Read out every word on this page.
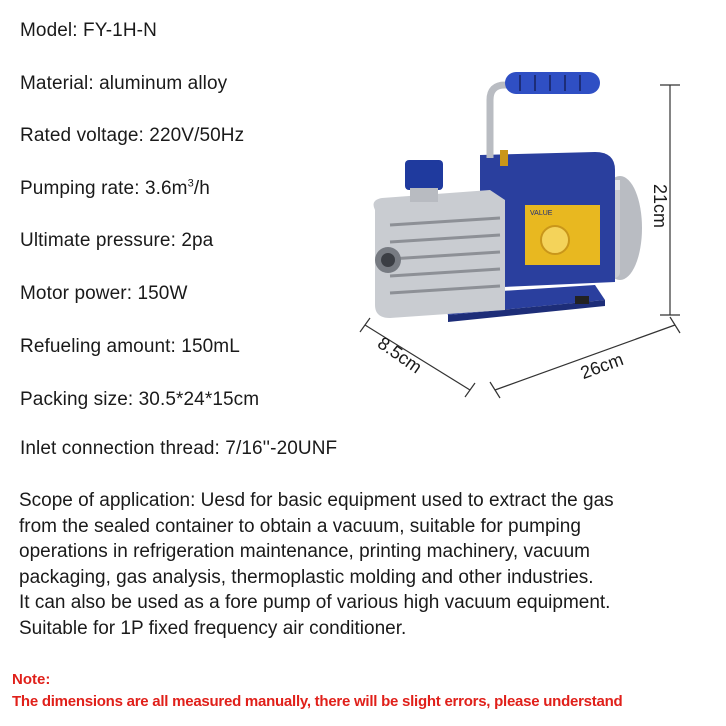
Model: FY-1H-N
Material: aluminum alloy
Rated voltage: 220V/50Hz
Pumping rate: $3.6m^3/h$
Ultimate pressure: 2pa
Motor power: 150W
Refueling amount: 150mL
Packing size: 30.5*24*15cm
Inlet connection thread: 7/16''-20UNF
Scope of application: Uesd for basic equipment used to extract the gas
from the sealed container to obtain a vacuum, suitable for pumping
operations in refrigeration maintenance, printing machinery, vacuum
packaging, gas analysis, thermoplastic molding and other industries.
It can also be used as a fore pump of various high vacuum equipment.
Suitable for 1P fixed frequency air conditioner.
Note:
The dimensions are all measured manually, there will be slight errors, please understand
VALUE	21cm
26cm
8.5cm
